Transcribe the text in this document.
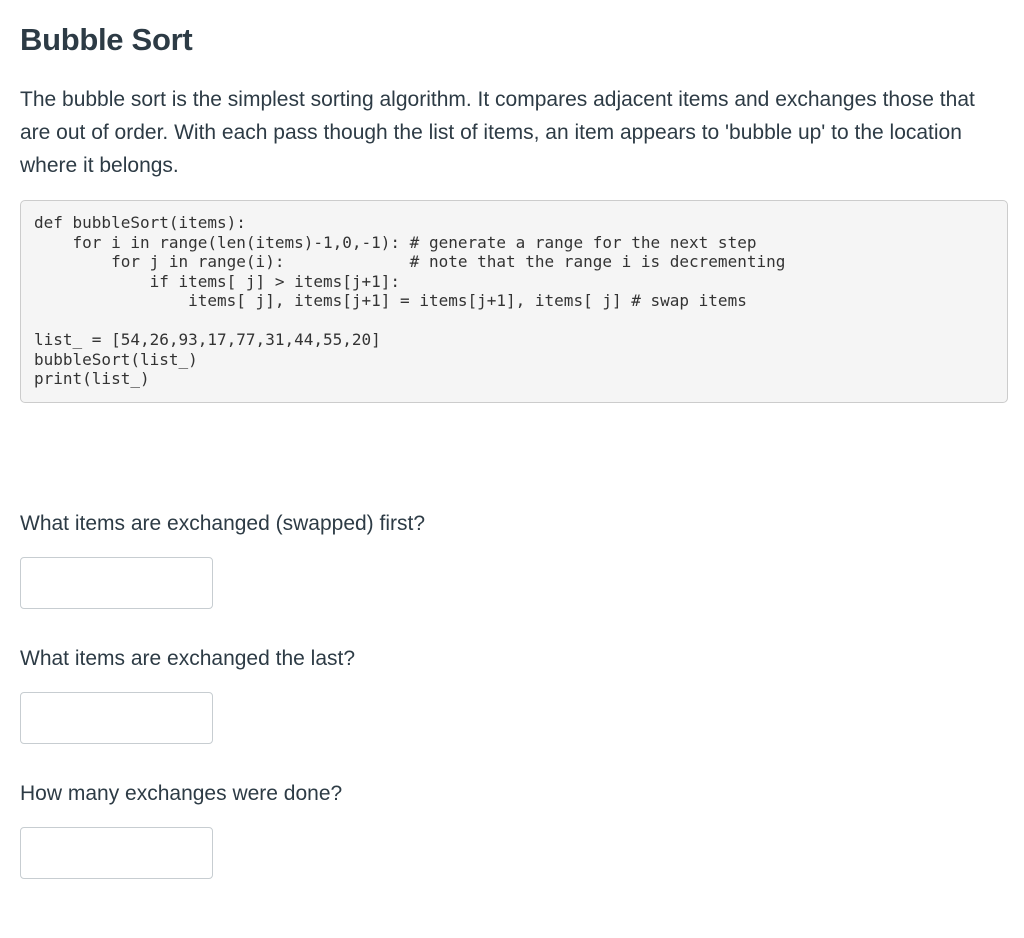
Bubble Sort

The bubble sort is the simplest sorting algorithm. It compares adjacent items and exchanges those that are out of order. With each pass though the list of items, an item appears to 'bubble up' to the location where it belongs.

def bubbleSort(items):
for i in range(len(items)-1,0,-1): # generate a range for the next step
for j in range(i):             # note that the range i is decrementing
if items[ j] > items[j+1]:
items[ j], items[j+1] = items[j+1], items[ j] # swap items
list_ = [54,26,93,17,77,31,44,55,20]
bubbleSort(list_)
print(list_)

What items are exchanged (swapped) first?

What items are exchanged the last?

How many exchanges were done?
